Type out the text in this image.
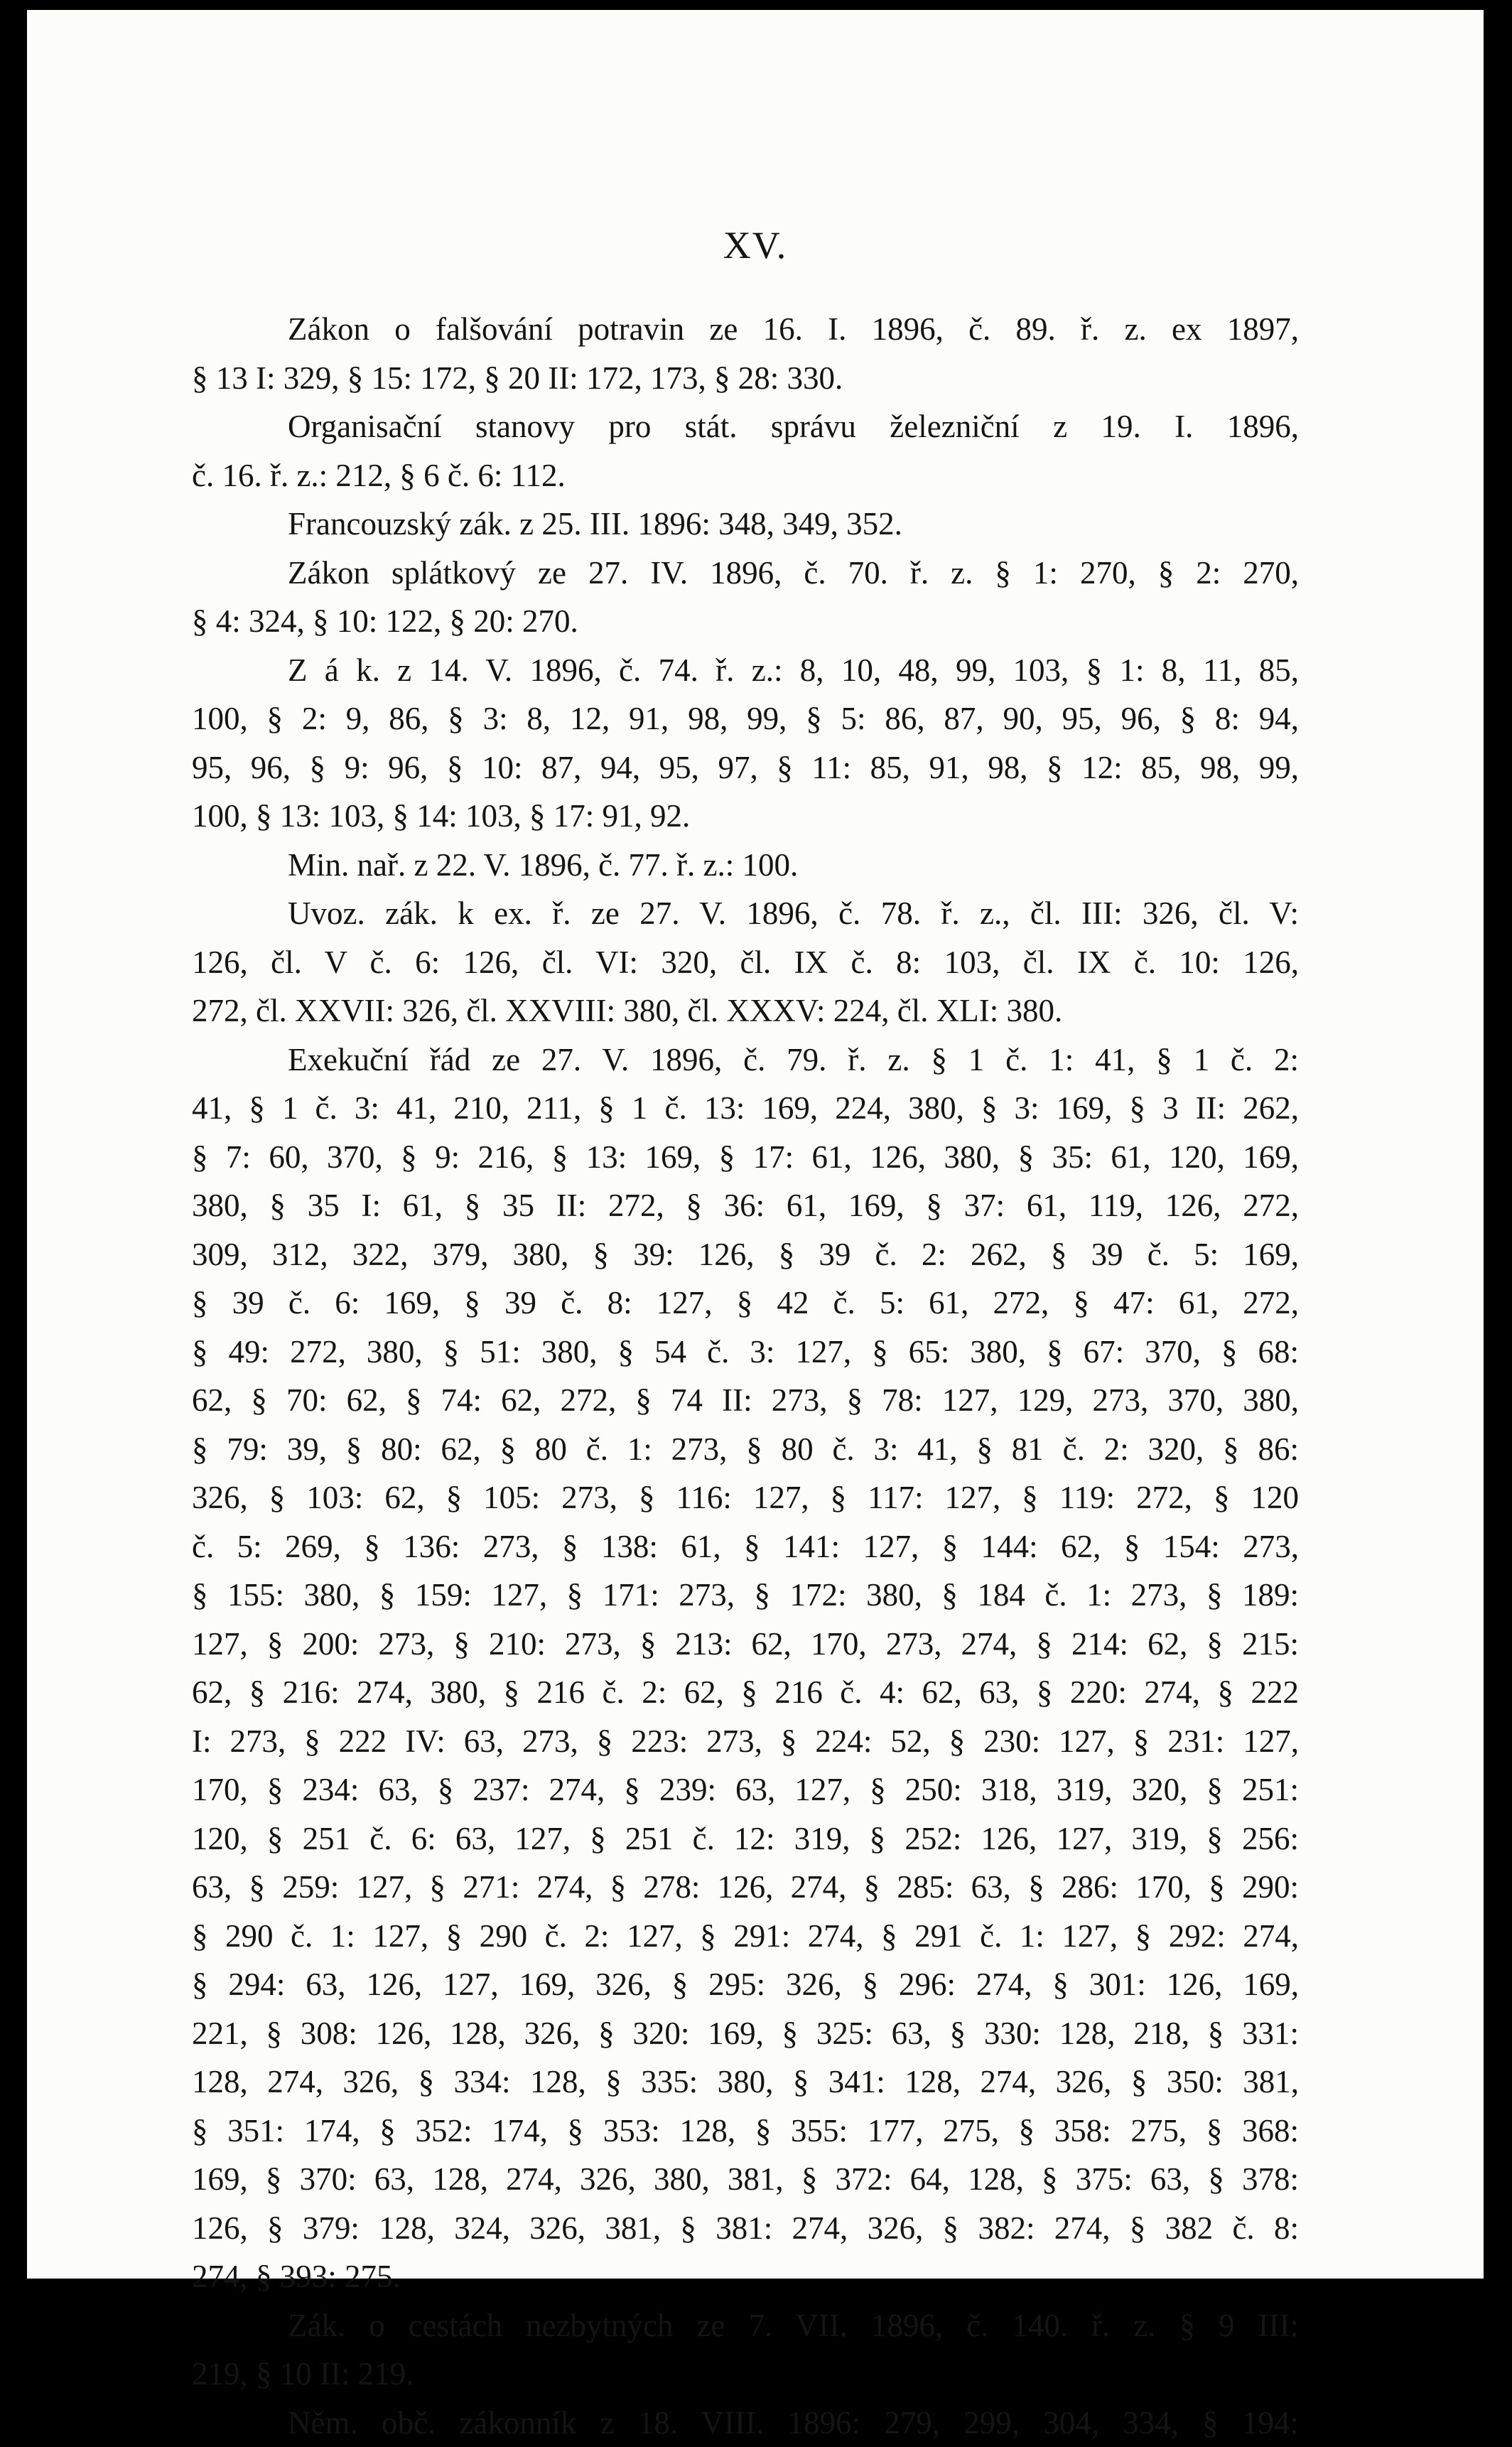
XV.
Zákon o falšování potravin ze 16. I. 1896, č. 89. ř. z. ex 1897,
§ 13 I: 329, § 15: 172, § 20 II: 172, 173, § 28: 330.
Organisační stanovy pro stát. správu železniční z 19. I. 1896,
č. 16. ř. z.: 212, § 6 č. 6: 112.
Francouzský zák. z 25. III. 1896: 348, 349, 352.
Zákon splátkový ze 27. IV. 1896, č. 70. ř. z. § 1: 270, § 2: 270,
§ 4: 324, § 10: 122, § 20: 270.
Z á k. z 14. V. 1896, č. 74. ř. z.: 8, 10, 48, 99, 103, § 1: 8, 11, 85,
100, § 2: 9, 86, § 3: 8, 12, 91, 98, 99, § 5: 86, 87, 90, 95, 96, § 8: 94,
95, 96, § 9: 96, § 10: 87, 94, 95, 97, § 11: 85, 91, 98, § 12: 85, 98, 99,
100, § 13: 103, § 14: 103, § 17: 91, 92.
Min. nař. z 22. V. 1896, č. 77. ř. z.: 100.
Uvoz. zák. k ex. ř. ze 27. V. 1896, č. 78. ř. z., čl. III: 326, čl. V:
126, čl. V č. 6: 126, čl. VI: 320, čl. IX č. 8: 103, čl. IX č. 10: 126,
272, čl. XXVII: 326, čl. XXVIII: 380, čl. XXXV: 224, čl. XLI: 380.
Exekuční řád ze 27. V. 1896, č. 79. ř. z. § 1 č. 1: 41, § 1 č. 2:
41, § 1 č. 3: 41, 210, 211, § 1 č. 13: 169, 224, 380, § 3: 169, § 3 II: 262,
§ 7: 60, 370, § 9: 216, § 13: 169, § 17: 61, 126, 380, § 35: 61, 120, 169,
380, § 35 I: 61, § 35 II: 272, § 36: 61, 169, § 37: 61, 119, 126, 272,
309, 312, 322, 379, 380, § 39: 126, § 39 č. 2: 262, § 39 č. 5: 169,
§ 39 č. 6: 169, § 39 č. 8: 127, § 42 č. 5: 61, 272, § 47: 61, 272,
§ 49: 272, 380, § 51: 380, § 54 č. 3: 127, § 65: 380, § 67: 370, § 68:
62, § 70: 62, § 74: 62, 272, § 74 II: 273, § 78: 127, 129, 273, 370, 380,
§ 79: 39, § 80: 62, § 80 č. 1: 273, § 80 č. 3: 41, § 81 č. 2: 320, § 86:
326, § 103: 62, § 105: 273, § 116: 127, § 117: 127, § 119: 272, § 120
č. 5: 269, § 136: 273, § 138: 61, § 141: 127, § 144: 62, § 154: 273,
§ 155: 380, § 159: 127, § 171: 273, § 172: 380, § 184 č. 1: 273, § 189:
127, § 200: 273, § 210: 273, § 213: 62, 170, 273, 274, § 214: 62, § 215:
62, § 216: 274, 380, § 216 č. 2: 62, § 216 č. 4: 62, 63, § 220: 274, § 222
I: 273, § 222 IV: 63, 273, § 223: 273, § 224: 52, § 230: 127, § 231: 127,
170, § 234: 63, § 237: 274, § 239: 63, 127, § 250: 318, 319, 320, § 251:
120, § 251 č. 6: 63, 127, § 251 č. 12: 319, § 252: 126, 127, 319, § 256:
63, § 259: 127, § 271: 274, § 278: 126, 274, § 285: 63, § 286: 170, § 290:
§ 290 č. 1: 127, § 290 č. 2: 127, § 291: 274, § 291 č. 1: 127, § 292: 274,
§ 294: 63, 126, 127, 169, 326, § 295: 326, § 296: 274, § 301: 126, 169,
221, § 308: 126, 128, 326, § 320: 169, § 325: 63, § 330: 128, 218, § 331:
128, 274, 326, § 334: 128, § 335: 380, § 341: 128, 274, 326, § 350: 381,
§ 351: 174, § 352: 174, § 353: 128, § 355: 177, 275, § 358: 275, § 368:
169, § 370: 63, 128, 274, 326, 380, 381, § 372: 64, 128, § 375: 63, § 378:
126, § 379: 128, 324, 326, 381, § 381: 274, 326, § 382: 274, § 382 č. 8:
274, § 393: 275.
Zák. o cestách nezbytných ze 7. VII. 1896, č. 140. ř. z. § 9 III:
219, § 10 II: 219.
Něm. obč. zákonník z 18. VIII. 1896: 279, 299, 304, 334, § 194:
